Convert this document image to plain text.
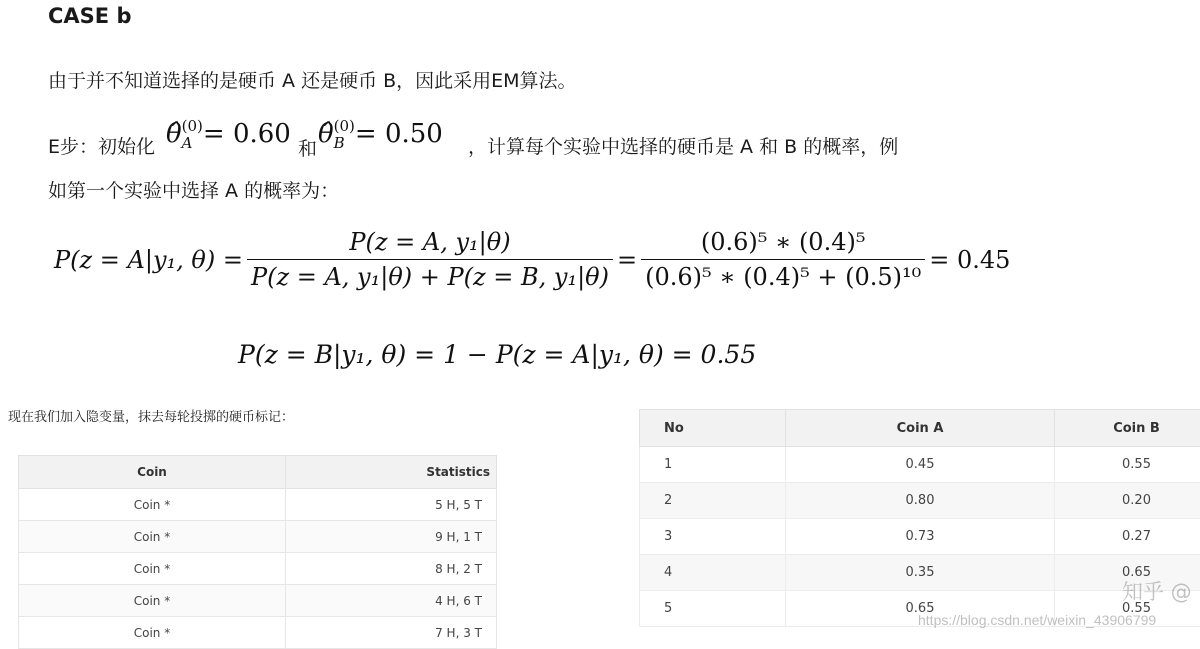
CASE b
由于并不知道选择的是硬币 A 还是硬币 B，因此采用EM算法。
E步：初始化 θ̂ (0)
A = 0.60 和 θ̂ (0)
B = 0.50 ，计算每个实验中选择的硬币是 A 和 B 的概率，例
如第一个实验中选择 A 的概率为：
P(z = A|y₁, $\theta) = \frac{\text{P(z = A, y₁|θ)}}{\text{P(z = A, y₁|θ) + P(z = B, y₁|θ)}} = \frac{\text{(0.6)⁵ ∗ (0.4)⁵}}{\text{(0.6)⁵ ∗ (0.4)⁵ + (0.5)¹⁰}} = 0.45$
P(z = B|y₁, θ) = 1 − P(z = A|y₁, θ) = 0.55
现在我们加入隐变量，抹去每轮投掷的硬币标记：
Coin	Statistics
Coin *	5 H, 5 T
Coin *	9 H, 1 T
Coin *	8 H, 2 T
Coin *	4 H, 6 T
Coin *	7 H, 3 T
No	Coin A	Coin B
1	0.45	0.55
2	0.80	0.20
3	0.73	0.27
4	0.35	0.65
5	0.65	0.55
知乎 @
https://blog.csdn.net/weixin_43906799
